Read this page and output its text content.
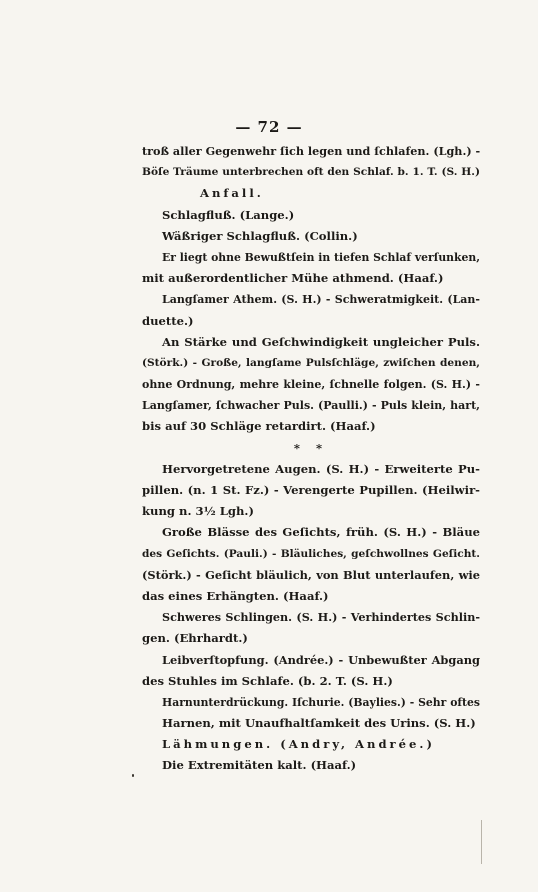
— 72 —
troß aller Gegenwehr ſich legen und ſchlafen. (Lgh.) -
Böſe Träume unterbrechen oft den Schlaf. b. 1. T. (S. H.)
Anfall.
Schlagfluß. (Lange.)
Wäßriger Schlagfluß. (Collin.)
Er liegt ohne Bewußtſein in tiefen Schlaf verſunken,
mit außerordentlicher Mühe athmend. (Haaf.)
Langſamer Athem. (S. H.) - Schweratmigkeit. (Lan-
duette.)
An Stärke und Geſchwindigkeit ungleicher Puls.
(Störk.) - Große, langſame Pulsſchläge, zwiſchen denen,
ohne Ordnung, mehre kleine, ſchnelle folgen. (S. H.) -
Langſamer, ſchwacher Puls. (Paulli.) - Puls klein, hart,
bis auf 30 Schläge retardirt. (Haaf.)
* *
Hervorgetretene Augen. (S. H.) - Erweiterte Pu-
pillen. (n. 1 St. Fz.) - Verengerte Pupillen. (Heilwir-
kung n. 3½ Lgh.)
Große Blässe des Geſichts, früh. (S. H.) - Bläue
des Geſichts. (Pauli.) - Bläuliches, geſchwollnes Geſicht.
(Störk.) - Geſicht bläulich, von Blut unterlaufen, wie
das eines Erhängten. (Haaf.)
Schweres Schlingen. (S. H.) - Verhindertes Schlin-
gen. (Ehrhardt.)
Leibverſtopfung. (Andrée.) - Unbewußter Abgang
des Stuhles im Schlafe. (b. 2. T. (S. H.)
Harnunterdrückung. Iſchurie. (Baylies.) - Sehr oftes
Harnen, mit Unaufhaltſamkeit des Urins. (S. H.)
Lähmungen. (Andry, Andrée.)
Die Extremitäten kalt. (Haaf.)
